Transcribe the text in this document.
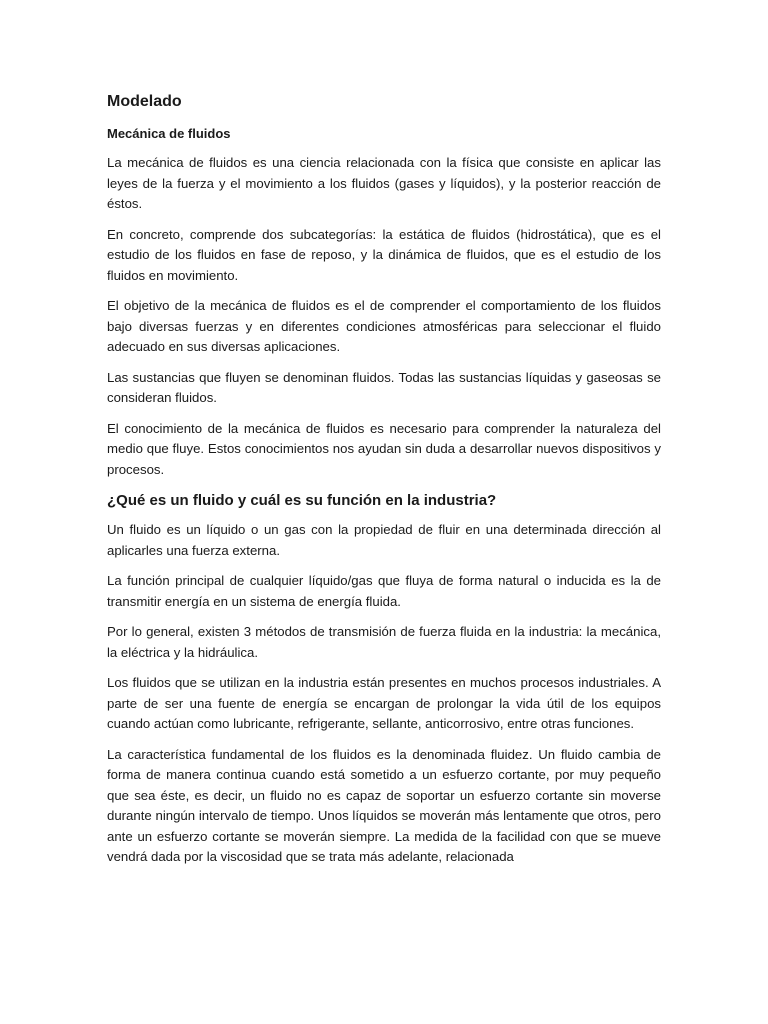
Modelado
Mecánica de fluidos

La mecánica de fluidos es una ciencia relacionada con la física que consiste en aplicar las leyes de la fuerza y el movimiento a los fluidos (gases y líquidos), y la posterior reacción de éstos.

En concreto, comprende dos subcategorías: la estática de fluidos (hidrostática), que es el estudio de los fluidos en fase de reposo, y la dinámica de fluidos, que es el estudio de los fluidos en movimiento.

El objetivo de la mecánica de fluidos es el de comprender el comportamiento de los fluidos bajo diversas fuerzas y en diferentes condiciones atmosféricas para seleccionar el fluido adecuado en sus diversas aplicaciones.

Las sustancias que fluyen se denominan fluidos. Todas las sustancias líquidas y gaseosas se consideran fluidos.

El conocimiento de la mecánica de fluidos es necesario para comprender la naturaleza del medio que fluye. Estos conocimientos nos ayudan sin duda a desarrollar nuevos dispositivos y procesos.

¿Qué es un fluido y cuál es su función en la industria?

Un fluido es un líquido o un gas con la propiedad de fluir en una determinada dirección al aplicarles una fuerza externa.

La función principal de cualquier líquido/gas que fluya de forma natural o inducida es la de transmitir energía en un sistema de energía fluida.

Por lo general, existen 3 métodos de transmisión de fuerza fluida en la industria: la mecánica, la eléctrica y la hidráulica.

Los fluidos que se utilizan en la industria están presentes en muchos procesos industriales. A parte de ser una fuente de energía se encargan de prolongar la vida útil de los equipos cuando actúan como lubricante, refrigerante, sellante, anticorrosivo, entre otras funciones.

La característica fundamental de los fluidos es la denominada fluidez. Un fluido cambia de forma de manera continua cuando está sometido a un esfuerzo cortante, por muy pequeño que sea éste, es decir, un fluido no es capaz de soportar un esfuerzo cortante sin moverse durante ningún intervalo de tiempo. Unos líquidos se moverán más lentamente que otros, pero ante un esfuerzo cortante se moverán siempre. La medida de la facilidad con que se mueve vendrá dada por la viscosidad que se trata más adelante, relacionada
